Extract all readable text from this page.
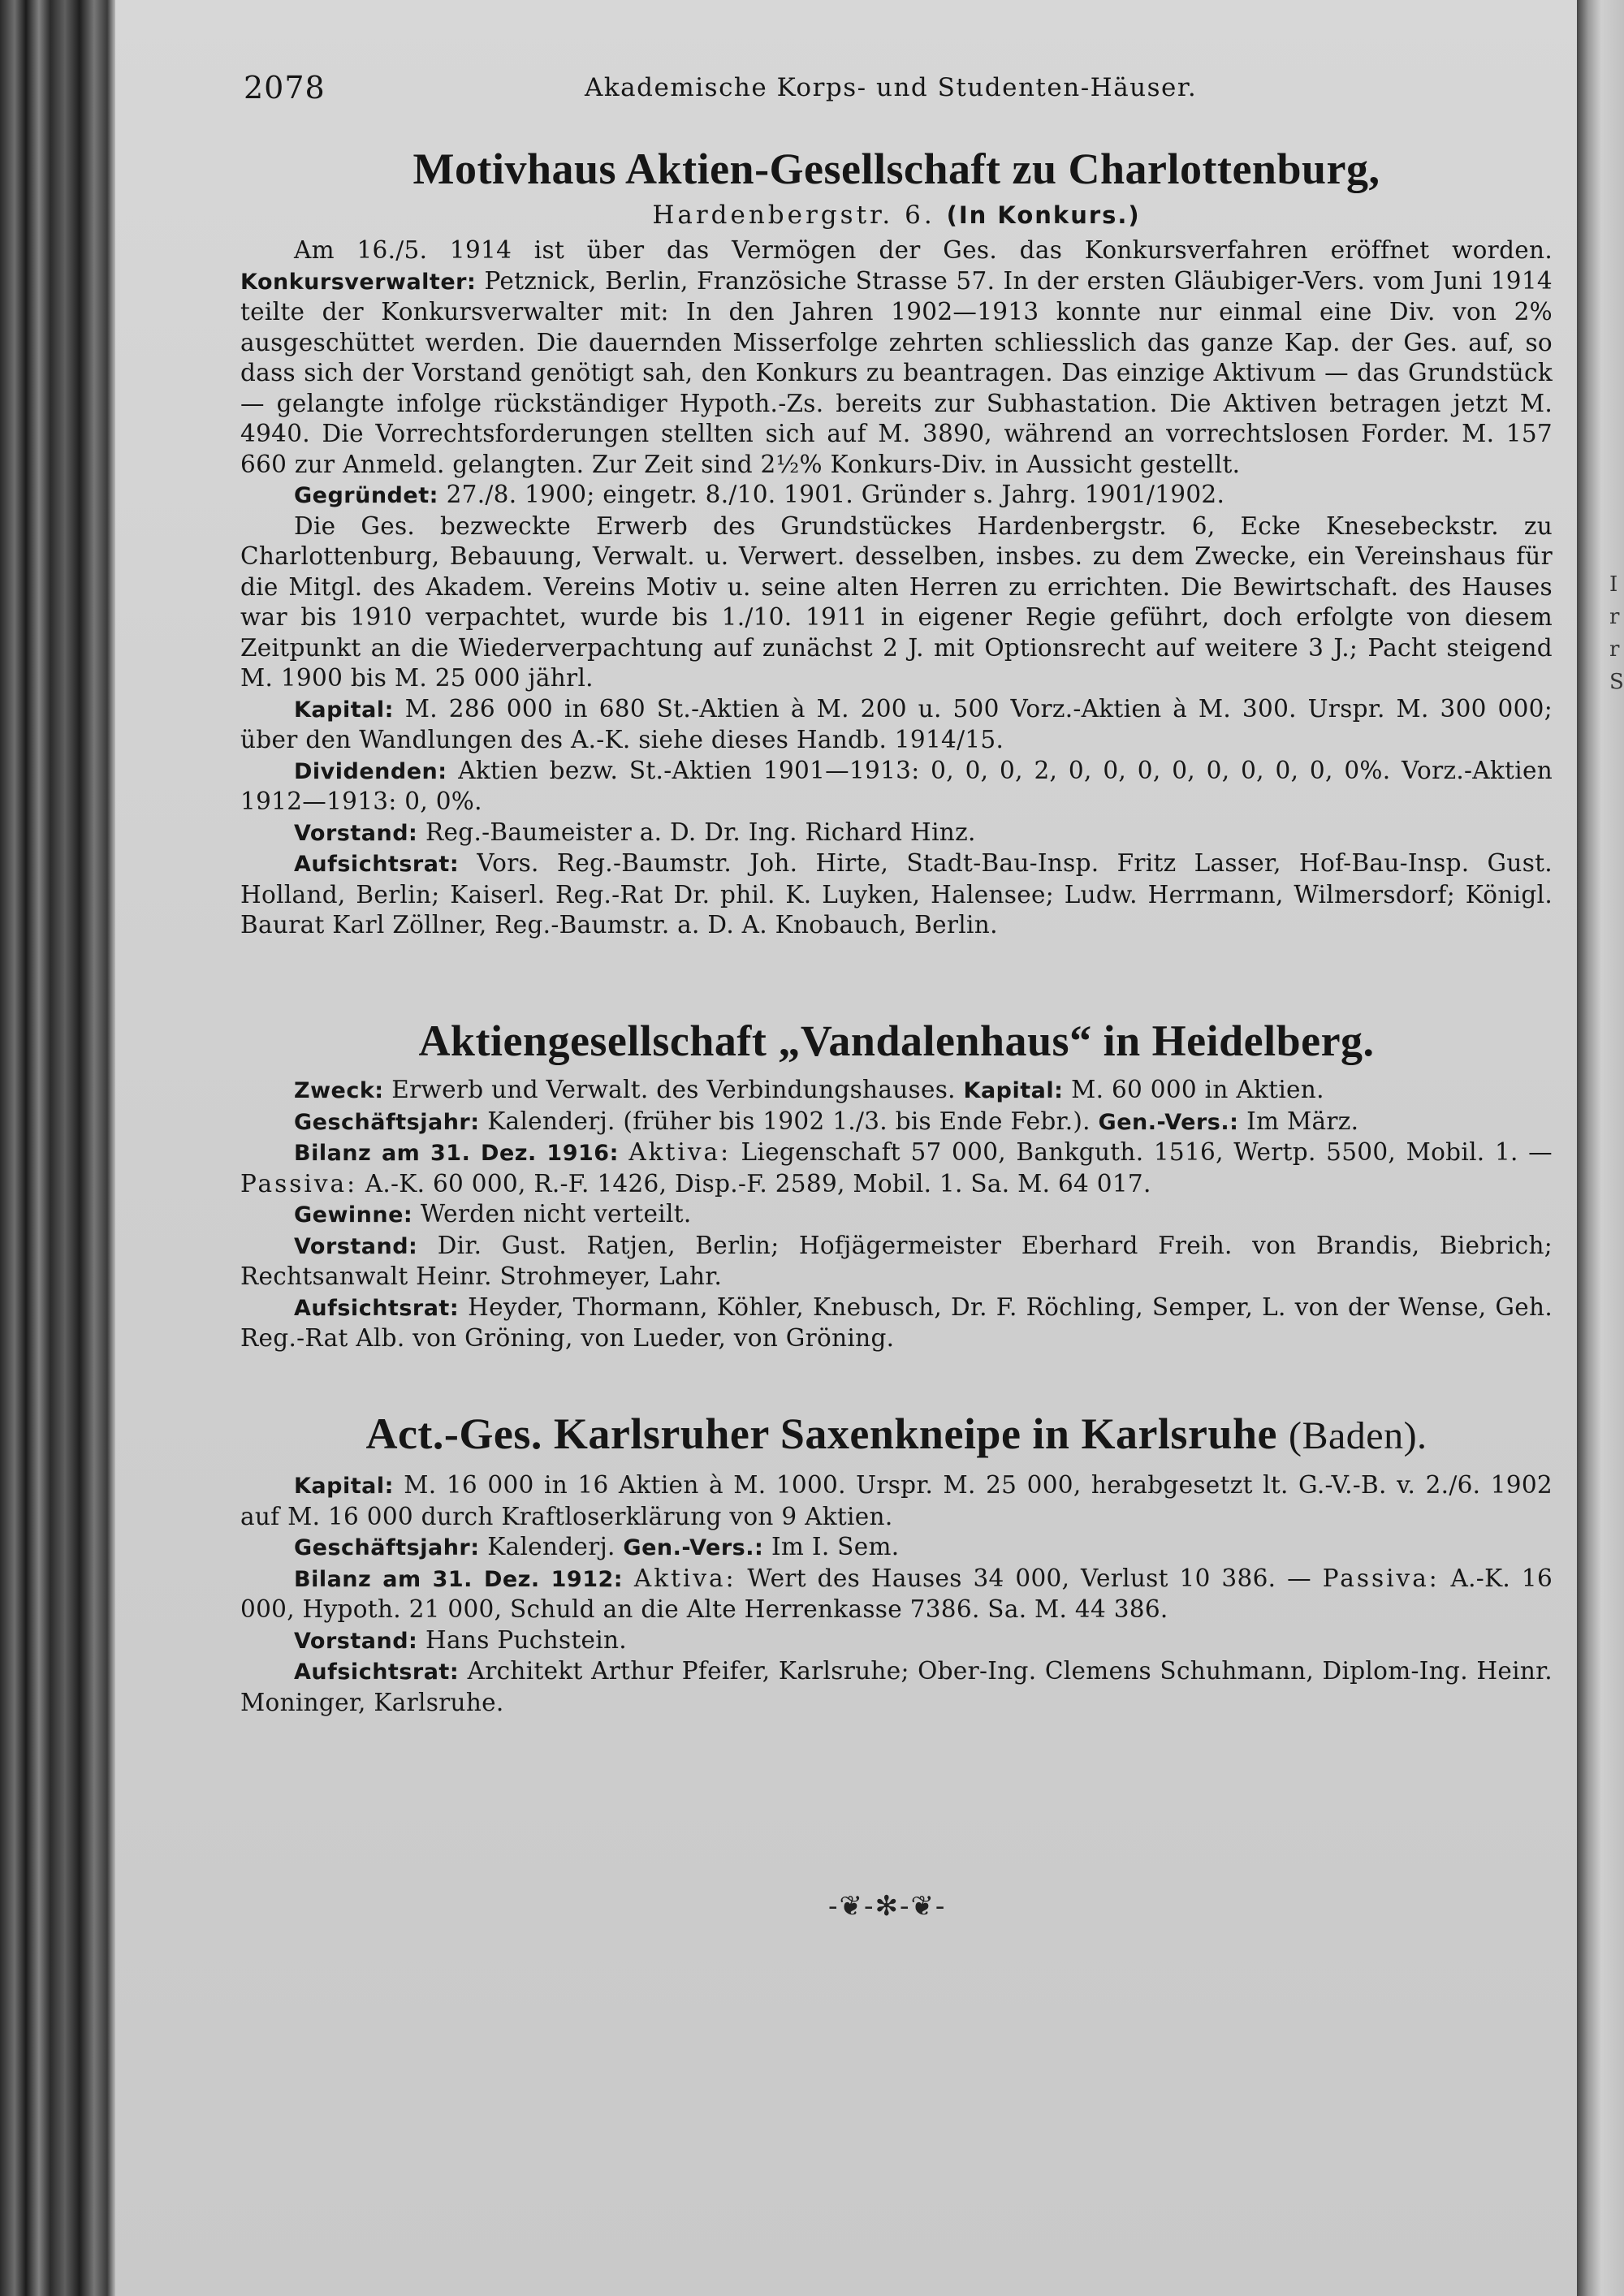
I r r S
2078	Akademische Korps- und Studenten-Häuser.
Motivhaus Aktien-Gesellschaft zu Charlottenburg,

Hardenbergstr. 6. (In Konkurs.)

Am 16./5. 1914 ist über das Vermögen der Ges. das Konkursverfahren eröffnet worden. Konkursverwalter: Petznick, Berlin, Französiche Strasse 57. In der ersten Gläubiger-Vers. vom Juni 1914 teilte der Konkursverwalter mit: In den Jahren 1902—1913 konnte nur einmal eine Div. von 2% ausgeschüttet werden. Die dauernden Misserfolge zehrten schliesslich das ganze Kap. der Ges. auf, so dass sich der Vorstand genötigt sah, den Konkurs zu beantragen. Das einzige Aktivum — das Grundstück — gelangte infolge rückständiger Hypoth.-Zs. bereits zur Subhastation. Die Aktiven betragen jetzt M. 4940. Die Vorrechtsforderungen stellten sich auf M. 3890, während an vorrechtslosen Forder. M. 157 660 zur Anmeld. gelangten. Zur Zeit sind 2½% Konkurs-Div. in Aussicht gestellt.

Gegründet: 27./8. 1900; eingetr. 8./10. 1901. Gründer s. Jahrg. 1901/1902.

Die Ges. bezweckte Erwerb des Grundstückes Hardenbergstr. 6, Ecke Knesebeckstr. zu Charlottenburg, Bebauung, Verwalt. u. Verwert. desselben, insbes. zu dem Zwecke, ein Vereinshaus für die Mitgl. des Akadem. Vereins Motiv u. seine alten Herren zu errichten. Die Bewirtschaft. des Hauses war bis 1910 verpachtet, wurde bis 1./10. 1911 in eigener Regie geführt, doch erfolgte von diesem Zeitpunkt an die Wiederverpachtung auf zunächst 2 J. mit Optionsrecht auf weitere 3 J.; Pacht steigend M. 1900 bis M. 25 000 jährl.

Kapital: M. 286 000 in 680 St.-Aktien à M. 200 u. 500 Vorz.-Aktien à M. 300. Urspr. M. 300 000; über den Wandlungen des A.-K. siehe dieses Handb. 1914/15.

Dividenden: Aktien bezw. St.-Aktien 1901—1913: 0, 0, 0, 2, 0, 0, 0, 0, 0, 0, 0, 0, 0%. Vorz.-Aktien 1912—1913: 0, 0%.

Vorstand: Reg.-Baumeister a. D. Dr. Ing. Richard Hinz.

Aufsichtsrat: Vors. Reg.-Baumstr. Joh. Hirte, Stadt-Bau-Insp. Fritz Lasser, Hof-Bau-Insp. Gust. Holland, Berlin; Kaiserl. Reg.-Rat Dr. phil. K. Luyken, Halensee; Ludw. Herrmann, Wilmersdorf; Königl. Baurat Karl Zöllner, Reg.-Baumstr. a. D. A. Knobauch, Berlin.

Aktiengesellschaft „Vandalenhaus“ in Heidelberg.

Zweck: Erwerb und Verwalt. des Verbindungshauses. Kapital: M. 60 000 in Aktien.

Geschäftsjahr: Kalenderj. (früher bis 1902 1./3. bis Ende Febr.). Gen.-Vers.: Im März.

Bilanz am 31. Dez. 1916: Aktiva: Liegenschaft 57 000, Bankguth. 1516, Wertp. 5500, Mobil. 1. — Passiva: A.-K. 60 000, R.-F. 1426, Disp.-F. 2589, Mobil. 1. Sa. M. 64 017.

Gewinne: Werden nicht verteilt.

Vorstand: Dir. Gust. Ratjen, Berlin; Hofjägermeister Eberhard Freih. von Brandis, Biebrich; Rechtsanwalt Heinr. Strohmeyer, Lahr.

Aufsichtsrat: Heyder, Thormann, Köhler, Knebusch, Dr. F. Röchling, Semper, L. von der Wense, Geh. Reg.-Rat Alb. von Gröning, von Lueder, von Gröning.

Act.-Ges. Karlsruher Saxenkneipe in Karlsruhe (Baden).

Kapital: M. 16 000 in 16 Aktien à M. 1000. Urspr. M. 25 000, herabgesetzt lt. G.-V.-B. v. 2./6. 1902 auf M. 16 000 durch Kraftloserklärung von 9 Aktien.

Geschäftsjahr: Kalenderj. Gen.-Vers.: Im I. Sem.

Bilanz am 31. Dez. 1912: Aktiva: Wert des Hauses 34 000, Verlust 10 386. — Passiva: A.-K. 16 000, Hypoth. 21 000, Schuld an die Alte Herrenkasse 7386. Sa. M. 44 386.

Vorstand: Hans Puchstein.

Aufsichtsrat: Architekt Arthur Pfeifer, Karlsruhe; Ober-Ing. Clemens Schuhmann, Diplom-Ing. Heinr. Moninger, Karlsruhe.

-❦-✻-❦-
